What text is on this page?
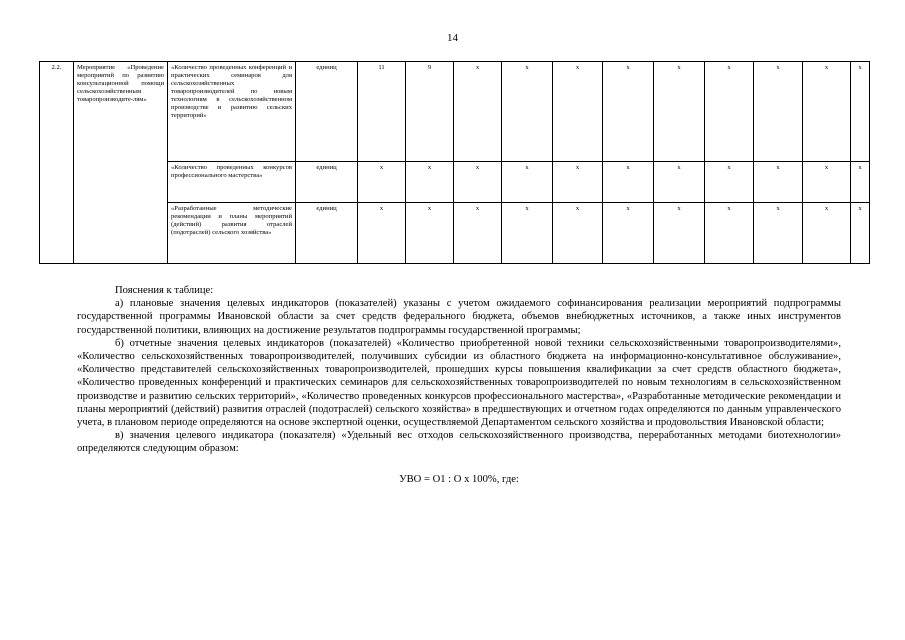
14
2.2.	Мероприятие «Проведение мероприятий по развитию консультационной помощи сельскохозяйственным товаропроизводите-лям»	«Количество проведенных конференций и практических семинаров для сельскохозяйственных товаропроизводителей по новым технологиям в сельскохозяйственном производстве и развитию сельских территорий»	единиц	11	9	x	x	x	x	x	x	x	x	x
		«Количество проведенных конкурсов профессионального мастерства»	единиц	x	x	x	x	x	x	x	x	x	x	x
		«Разработанные методические рекомендации и планы мероприятий (действий) развития отраслей (подотраслей) сельского хозяйства»	единиц	x	x	x	x	x	x	x	x	x	x	x

Пояснения к таблице:

а) плановые значения целевых индикаторов (показателей) указаны с учетом ожидаемого софинансирования реализации мероприятий подпрограммы государственной программы Ивановской области за счет средств федерального бюджета, объемов внебюджетных источников, а также иных инструментов государственной политики, влияющих на достижение результатов подпрограммы государственной программы;

б) отчетные значения целевых индикаторов (показателей) «Количество приобретенной новой техники сельскохозяйственными товаропроизводителями», «Количество сельскохозяйственных товаропроизводителей, получивших субсидии из областного бюджета на информационно-консультативное обслуживание», «Количество представителей сельскохозяйственных товаропроизводителей, прошедших курсы повышения квалификации за счет средств областного бюджета», «Количество проведенных конференций и практических семинаров для сельскохозяйственных товаропроизводителей по новым технологиям в сельскохозяйственном производстве и развитию сельских территорий», «Количество проведенных конкурсов профессионального мастерства», «Разработанные методические рекомендации и планы мероприятий (действий) развития отраслей (подотраслей) сельского хозяйства» в предшествующих и отчетном годах определяются по данным управленческого учета, в плановом периоде определяются на основе экспертной оценки, осуществляемой Департаментом сельского хозяйства и продовольствия Ивановской области;

в) значения целевого индикатора (показателя) «Удельный вес отходов сельскохозяйственного производства, переработанных методами биотехнологии» определяются следующим образом:

УВО = О1 : О х 100%, где:
